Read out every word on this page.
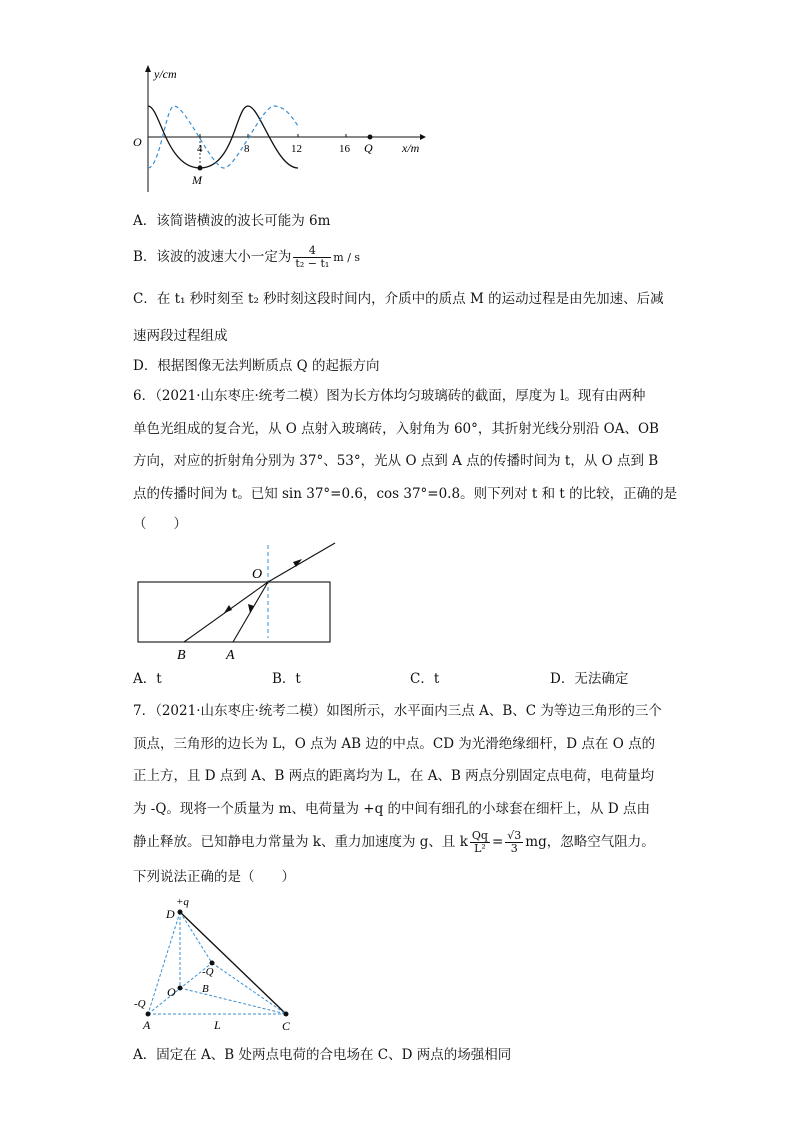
y/cm
O	4	8	12	16 Q x/m
M
A．该简谐横波的波长可能为 6m
B．该波的波速大小一定为 $\frac{4}{\text{t₂ − t₁}}$ m / s
C．在 t₁ 秒时刻至 t₂ 秒时刻这段时间内，介质中的质点 M 的运动过程是由先加速、后减
速两段过程组成
D．根据图像无法判断质点 Q 的起振方向
6．（2021·山东枣庄·统考二模）图为长方体均匀玻璃砖的截面，厚度为 l。现有由两种
单色光组成的复合光，从 O 点射入玻璃砖，入射角为 60°，其折射光线分别沿 OA、OB
方向，对应的折射角分别为 37°、53°，光从 O 点到 A 点的传播时间为 t，从 O 点到 B
点的传播时间为 t。已知 sin 37°=0.6，cos 37°=0.8。则下列对 t 和 t 的比较，正确的是
（　　）
O
B	A
A．t	B．t	C．t	D．无法确定
7．（2021·山东枣庄·统考二模）如图所示，水平面内三点 A、B、C 为等边三角形的三个
顶点，三角形的边长为 L，O 点为 AB 边的中点。CD 为光滑绝缘细杆，D 点在 O 点的
正上方，且 D 点到 A、B 两点的距离均为 L，在 A、B 两点分别固定点电荷，电荷量均
为 -Q。现将一个质量为 m、电荷量为 +q 的中间有细孔的小球套在细杆上，从 D 点由
静止释放。已知静电力常量为 k、重力加速度为 g、且 k $\frac{Qq}{\text{L²}} = \frac{√3}{3}$ mg，忽略空气阻力。
下列说法正确的是（　　）
+q
D
-Q
B
O
-Q
A	L	C
A．固定在 A、B 处两点电荷的合电场在 C、D 两点的场强相同
